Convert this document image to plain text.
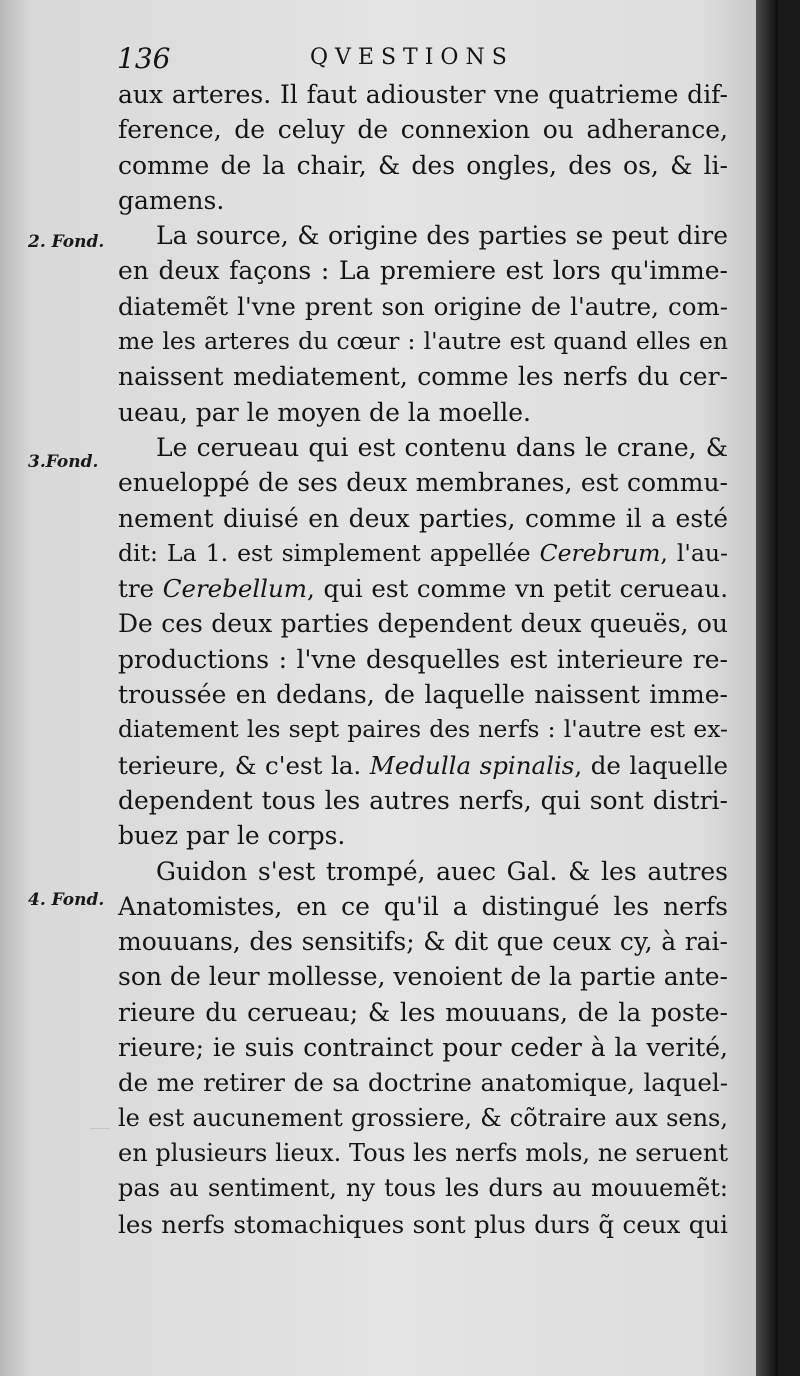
136	QVESTIONS
2. Fond.
3.Fond.
4. Fond.
aux arteres. Il faut adiouster vne quatrieme dif-
ference, de celuy de connexion ou adherance,
comme de la chair, & des ongles, des os, & li-
gamens.
La source, & origine des parties se peut dire
en deux façons : La premiere est lors qu'imme-
diatemẽt l'vne prent son origine de l'autre, com-
me les arteres du cœur : l'autre est quand elles en
naissent mediatement, comme les nerfs du cer-
ueau, par le moyen de la moelle.
Le cerueau qui est contenu dans le crane, &
enueloppé de ses deux membranes, est commu-
nement diuisé en deux parties, comme il a esté
dit: La 1. est simplement appellée Cerebrum, l'au-
tre Cerebellum, qui est comme vn petit cerueau.
De ces deux parties dependent deux queuës, ou
productions : l'vne desquelles est interieure re-
troussée en dedans, de laquelle naissent imme-
diatement les sept paires des nerfs : l'autre est ex-
terieure, & c'est la. Medulla spinalis, de laquelle
dependent tous les autres nerfs, qui sont distri-
buez par le corps.
Guidon s'est trompé, auec Gal. & les autres
Anatomistes, en ce qu'il a distingué les nerfs
mouuans, des sensitifs; & dit que ceux cy, à rai-
son de leur mollesse, venoient de la partie ante-
rieure du cerueau; & les mouuans, de la poste-
rieure; ie suis contrainct pour ceder à la verité,
de me retirer de sa doctrine anatomique, laquel-
le est aucunement grossiere, & cõtraire aux sens,
en plusieurs lieux. Tous les nerfs mols, ne seruent
pas au sentiment, ny tous les durs au mouuemẽt:
les nerfs stomachiques sont plus durs q̃ ceux qui
